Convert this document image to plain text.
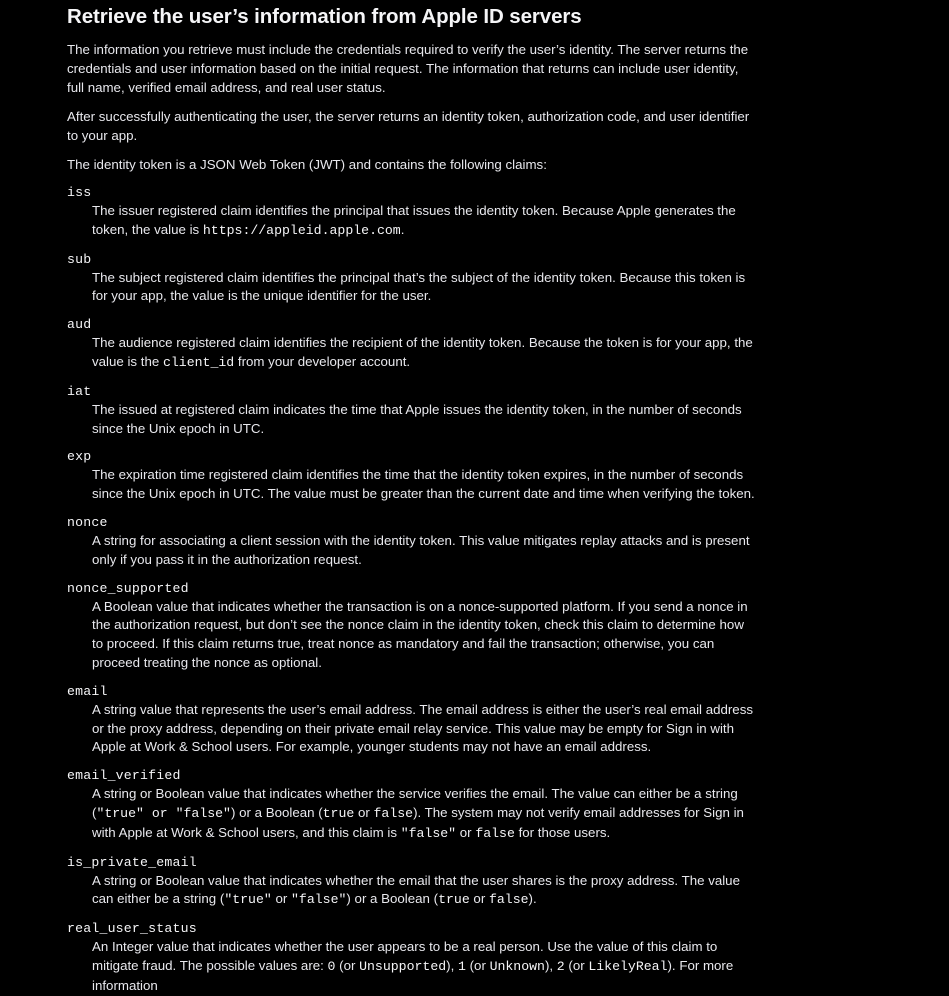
Retrieve the user’s information from Apple ID servers

The information you retrieve must include the credentials required to verify the user’s identity. The server returns the credentials and user information based on the initial request. The information that returns can include user identity, full name, verified email address, and real user status.

After successfully authenticating the user, the server returns an identity token, authorization code, and user identifier to your app.

The identity token is a JSON Web Token (JWT) and contains the following claims:

iss
The issuer registered claim identifies the principal that issues the identity token. Because Apple generates the token, the value is https://appleid.apple.com.
sub
The subject registered claim identifies the principal that’s the subject of the identity token. Because this token is for your app, the value is the unique identifier for the user.
aud
The audience registered claim identifies the recipient of the identity token. Because the token is for your app, the value is the client_id from your developer account.
iat
The issued at registered claim indicates the time that Apple issues the identity token, in the number of seconds since the Unix epoch in UTC.
exp
The expiration time registered claim identifies the time that the identity token expires, in the number of seconds since the Unix epoch in UTC. The value must be greater than the current date and time when verifying the token.
nonce
A string for associating a client session with the identity token. This value mitigates replay attacks and is present only if you pass it in the authorization request.
nonce_supported
A Boolean value that indicates whether the transaction is on a nonce-supported platform. If you send a nonce in the authorization request, but don’t see the nonce claim in the identity token, check this claim to determine how to proceed. If this claim returns true, treat nonce as mandatory and fail the transaction; otherwise, you can proceed treating the nonce as optional.
email
A string value that represents the user’s email address. The email address is either the user’s real email address or the proxy address, depending on their private email relay service. This value may be empty for Sign in with Apple at Work & School users. For example, younger students may not have an email address.
email_verified
A string or Boolean value that indicates whether the service verifies the email. The value can either be a string ("true" or "false") or a Boolean (true or false). The system may not verify email addresses for Sign in with Apple at Work & School users, and this claim is "false" or false for those users.
is_private_email
A string or Boolean value that indicates whether the email that the user shares is the proxy address. The value can either be a string ("true" or "false") or a Boolean (true or false).
real_user_status
An Integer value that indicates whether the user appears to be a real person. Use the value of this claim to mitigate fraud. The possible values are: 0 (or Unsupported), 1 (or Unknown), 2 (or LikelyReal). For more information
